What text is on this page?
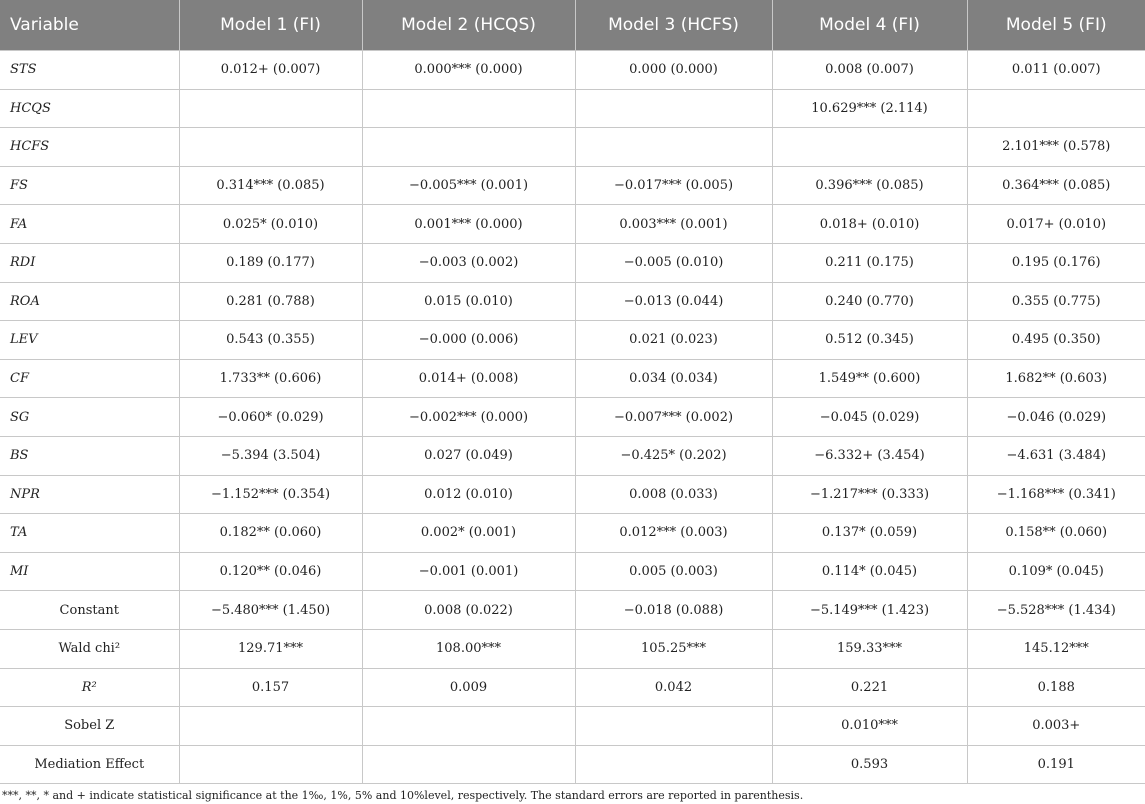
Variable	Model 1 (FI)	Model 2 (HCQS)	Model 3 (HCFS)	Model 4 (FI)	Model 5 (FI)
STS	0.012+ (0.007)	0.000*** (0.000)	0.000 (0.000)	0.008 (0.007)	0.011 (0.007)
HCQS				10.629*** (2.114)	
HCFS					2.101*** (0.578)
FS	0.314*** (0.085)	−0.005*** (0.001)	−0.017*** (0.005)	0.396*** (0.085)	0.364*** (0.085)
FA	0.025* (0.010)	0.001*** (0.000)	0.003*** (0.001)	0.018+ (0.010)	0.017+ (0.010)
RDI	0.189 (0.177)	−0.003 (0.002)	−0.005 (0.010)	0.211 (0.175)	0.195 (0.176)
ROA	0.281 (0.788)	0.015 (0.010)	−0.013 (0.044)	0.240 (0.770)	0.355 (0.775)
LEV	0.543 (0.355)	−0.000 (0.006)	0.021 (0.023)	0.512 (0.345)	0.495 (0.350)
CF	1.733** (0.606)	0.014+ (0.008)	0.034 (0.034)	1.549** (0.600)	1.682** (0.603)
SG	−0.060* (0.029)	−0.002*** (0.000)	−0.007*** (0.002)	−0.045 (0.029)	−0.046 (0.029)
BS	−5.394 (3.504)	0.027 (0.049)	−0.425* (0.202)	−6.332+ (3.454)	−4.631 (3.484)
NPR	−1.152*** (0.354)	0.012 (0.010)	0.008 (0.033)	−1.217*** (0.333)	−1.168*** (0.341)
TA	0.182** (0.060)	0.002* (0.001)	0.012*** (0.003)	0.137* (0.059)	0.158** (0.060)
MI	0.120** (0.046)	−0.001 (0.001)	0.005 (0.003)	0.114* (0.045)	0.109* (0.045)
Constant	−5.480*** (1.450)	0.008 (0.022)	−0.018 (0.088)	−5.149*** (1.423)	−5.528*** (1.434)
Wald chi²	129.71***	108.00***	105.25***	159.33***	145.12***
R²	0.157	0.009	0.042	0.221	0.188
Sobel Z				0.010***	0.003+
Mediation Effect				0.593	0.191
***, **, * and + indicate statistical significance at the 1‰, 1%, 5% and 10%level, respectively. The standard errors are reported in parenthesis.
